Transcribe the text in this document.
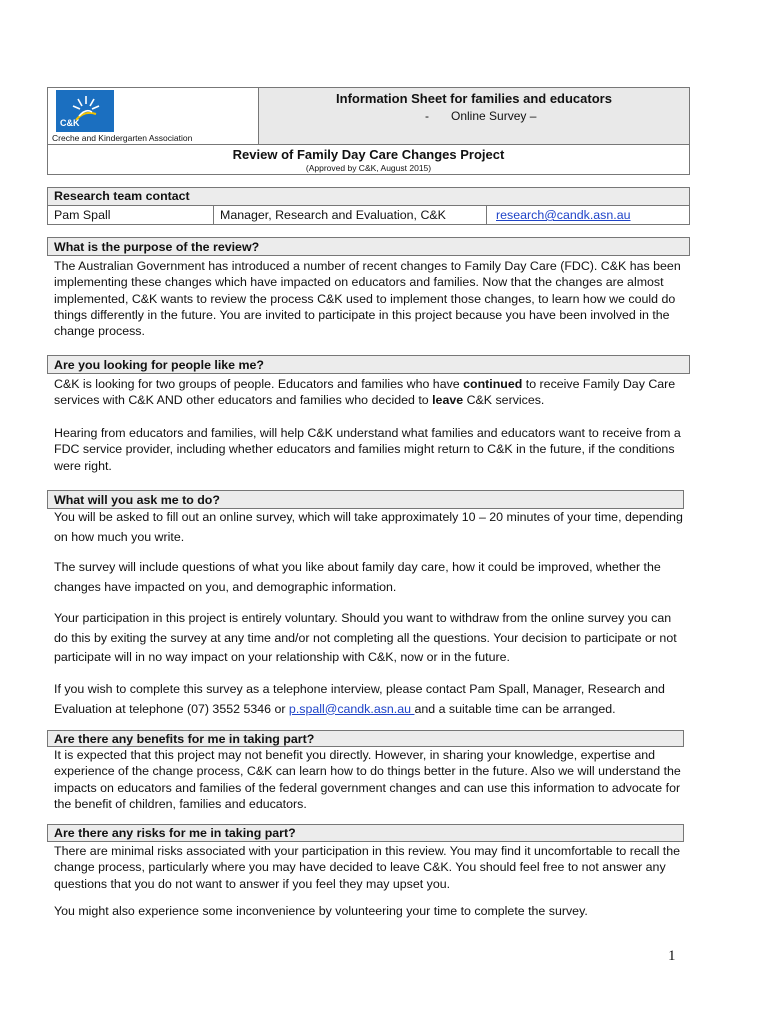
C&K
Creche and Kindergarten Association
Information Sheet for families and educators
- Online Survey –
Review of Family Day Care Changes Project
(Approved by C&K, August 2015)
Research team contact
Pam Spall	Manager, Research and Evaluation, C&K	research@candk.asn.au
What is the purpose of the review?

The Australian Government has introduced a number of recent changes to Family Day Care (FDC). C&K has been implementing these changes which have impacted on educators and families. Now that the changes are almost implemented, C&K wants to review the process C&K used to implement those changes, to learn how we could do things differently in the future. You are invited to participate in this project because you have been involved in the change process.

Are you looking for people like me?

C&K is looking for two groups of people. Educators and families who have continued to receive Family Day Care services with C&K AND other educators and families who decided to leave C&K services.

Hearing from educators and families, will help C&K understand what families and educators want to receive from a FDC service provider, including whether educators and families might return to C&K in the future, if the conditions were right.

What will you ask me to do?

You will be asked to fill out an online survey, which will take approximately 10 – 20 minutes of your time, depending on how much you write.

The survey will include questions of what you like about family day care, how it could be improved, whether the changes have impacted on you, and demographic information.

Your participation in this project is entirely voluntary. Should you want to withdraw from the online survey you can do this by exiting the survey at any time and/or not completing all the questions. Your decision to participate or not participate will in no way impact on your relationship with C&K, now or in the future.

If you wish to complete this survey as a telephone interview, please contact Pam Spall, Manager, Research and Evaluation at telephone (07) 3552 5346 or p.spall@candk.asn.au and a suitable time can be arranged.

Are there any benefits for me in taking part?

It is expected that this project may not benefit you directly. However, in sharing your knowledge, expertise and experience of the change process, C&K can learn how to do things better in the future. Also we will understand the impacts on educators and families of the federal government changes and can use this information to advocate for the benefit of children, families and educators.

Are there any risks for me in taking part?

There are minimal risks associated with your participation in this review. You may find it uncomfortable to recall the change process, particularly where you may have decided to leave C&K. You should feel free to not answer any questions that you do not want to answer if you feel they may upset you.

You might also experience some inconvenience by volunteering your time to complete the survey.

1
